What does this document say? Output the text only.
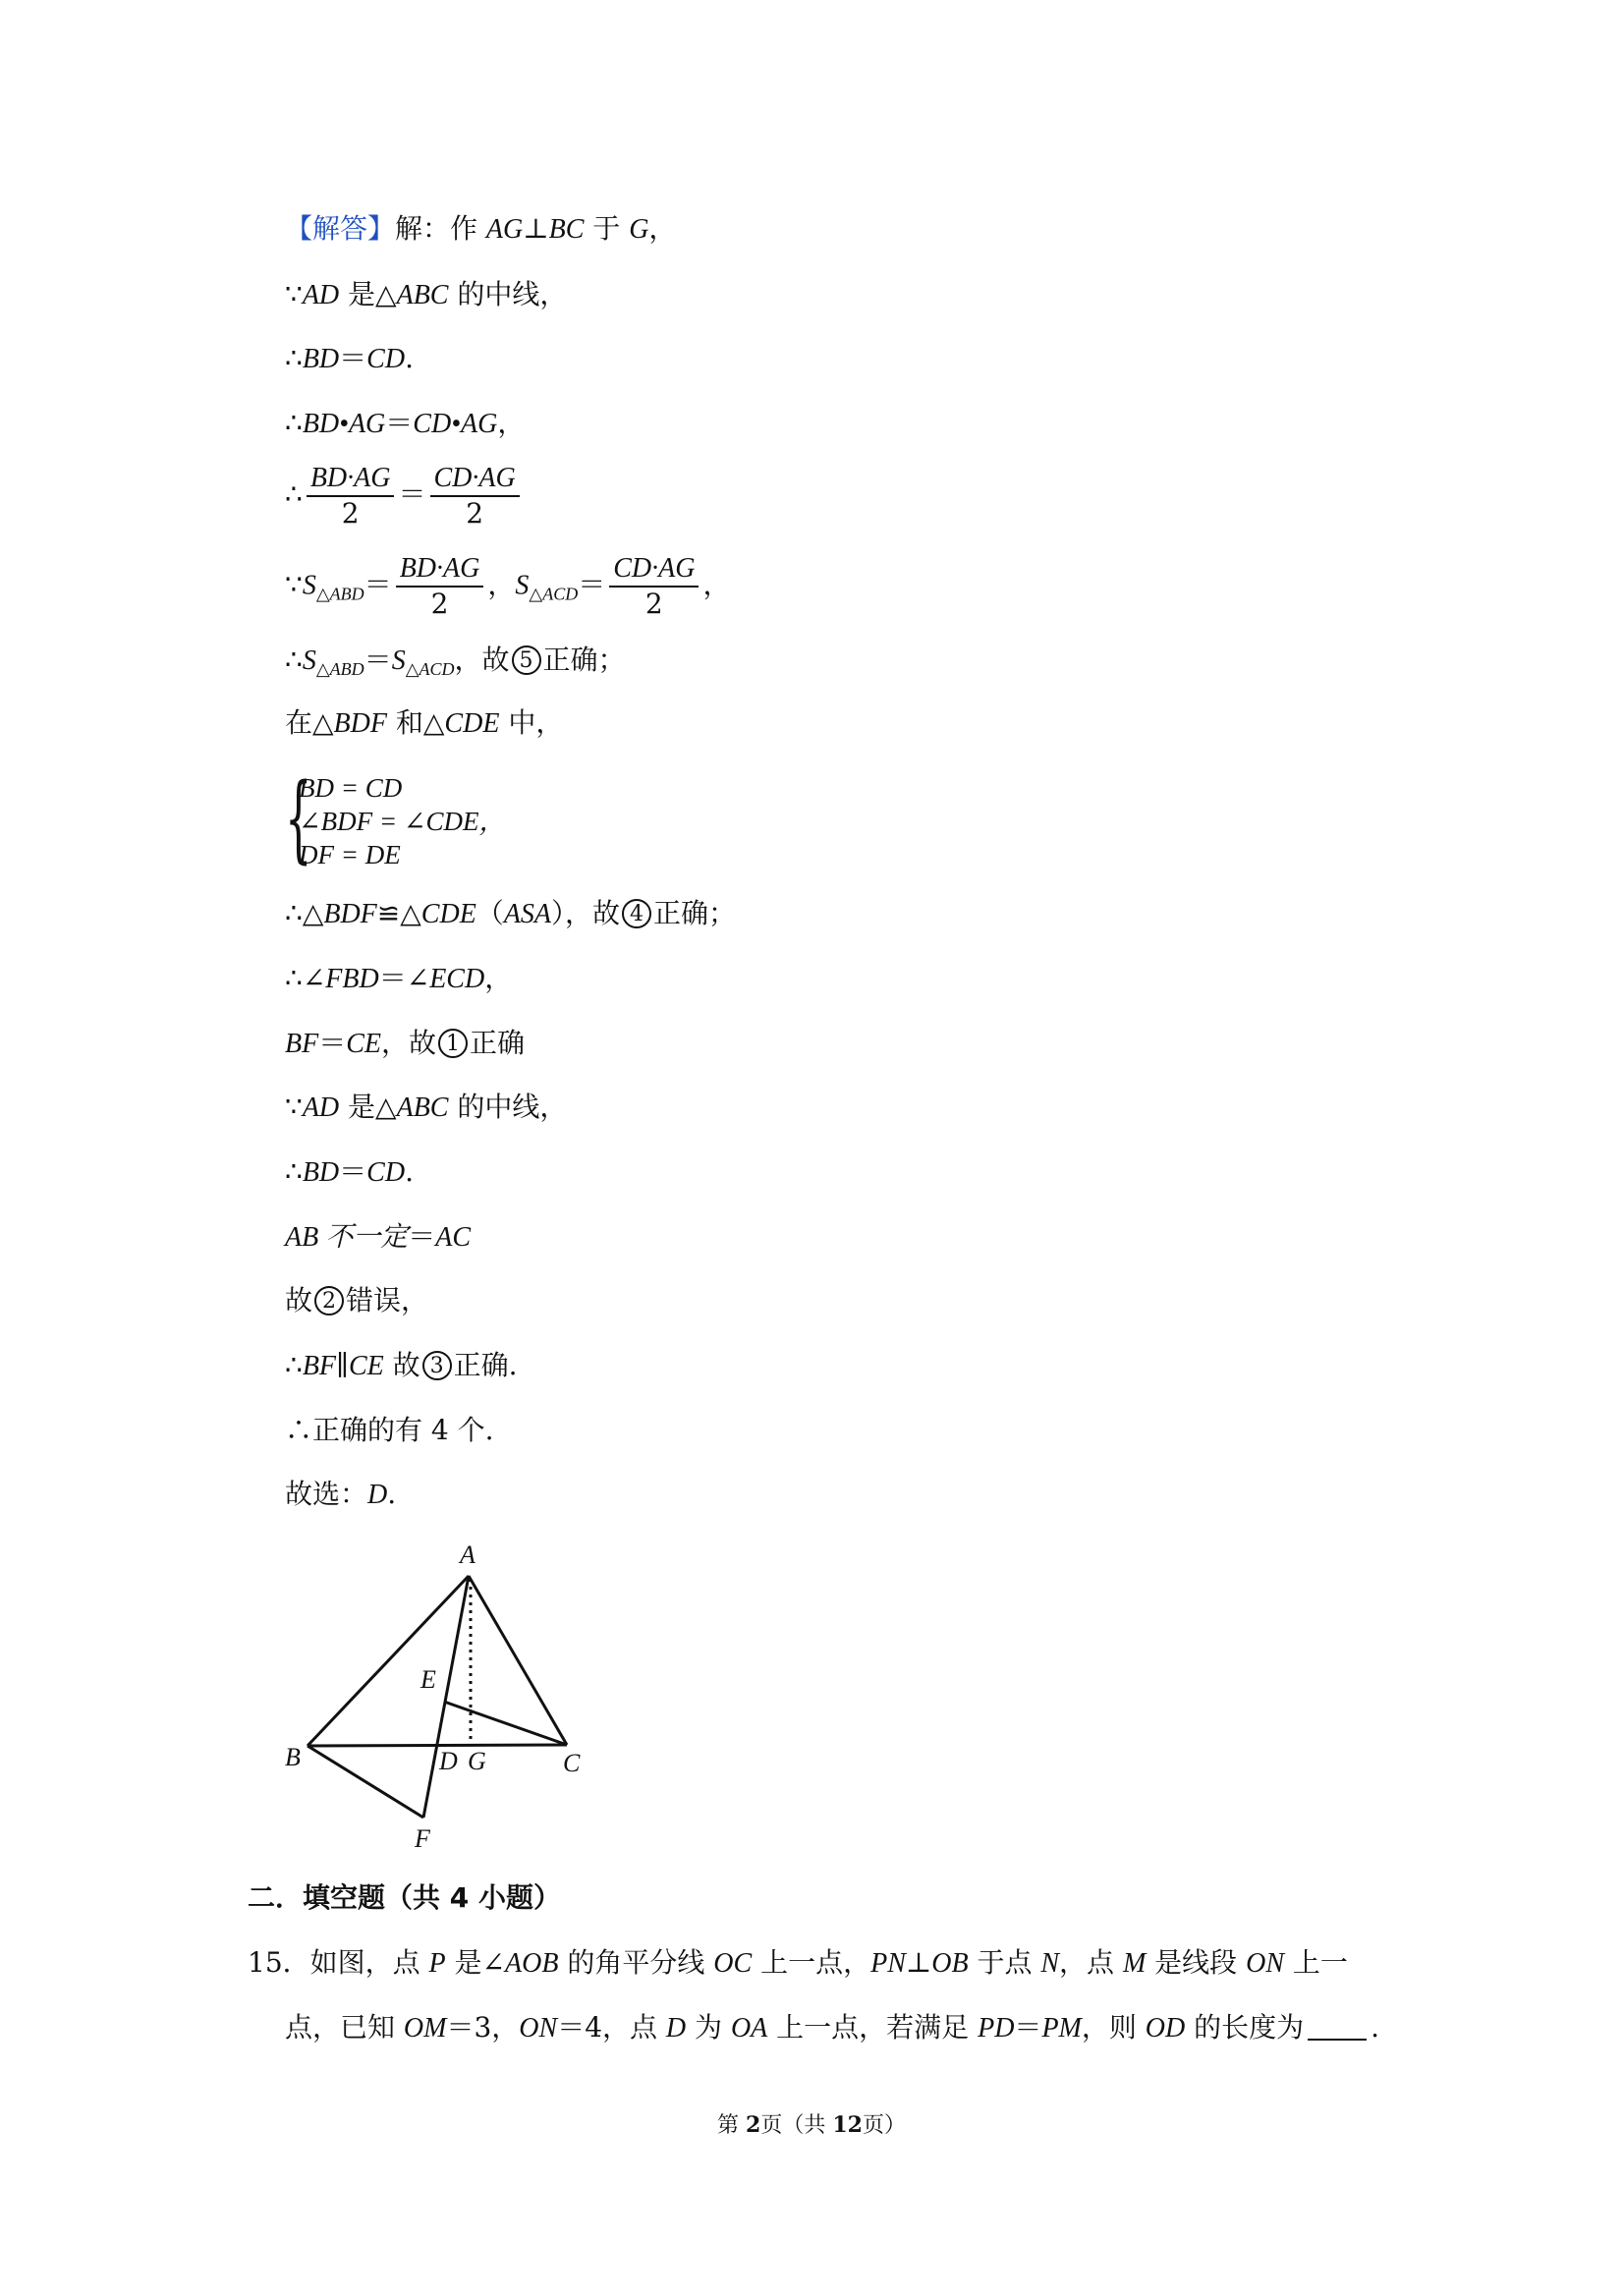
【解答】解：作 AG⊥BC 于 G，
∵AD 是△ABC 的中线，
∴BD＝CD.
∴BD•AG＝CD•AG，
∴ $\frac{BD\cdot AG}{2} = \frac{CD\cdot AG}{2}$
$\because S_{\triangle ABD}= \frac{BD\cdot AG}{2}$ ，$S_{\triangle ACD}= \frac{CD\cdot AG}{2}$ ，
$\therefore S_{\triangle ABD}=S_{\triangle ACD}$，故 5 正确；
在△BDF 和△CDE 中，
{
BD = CD
∠BDF = ∠CDE，
DF = DE
∴△BDF≌△CDE（ASA），故 4 正确；
∴∠FBD＝∠ECD，
BF＝CE，故 1 正确
∵AD 是△ABC 的中线，
∴BD＝CD.
AB 不一定＝AC
故 2 错误，
∴BF∥CE 故 3 正确.
∴正确的有 4 个.
故选：D.
A
B	C
D
E
F
G
二．填空题（共 4 小题）
15．如图，点 P 是∠AOB 的角平分线 OC 上一点，PN⊥OB 于点 N，点 M 是线段 ON 上一
点，已知 OM＝3，ON＝4，点 D 为 OA 上一点，若满足 PD＝PM，则 OD 的长度为 .
第 2页（共 12页）
